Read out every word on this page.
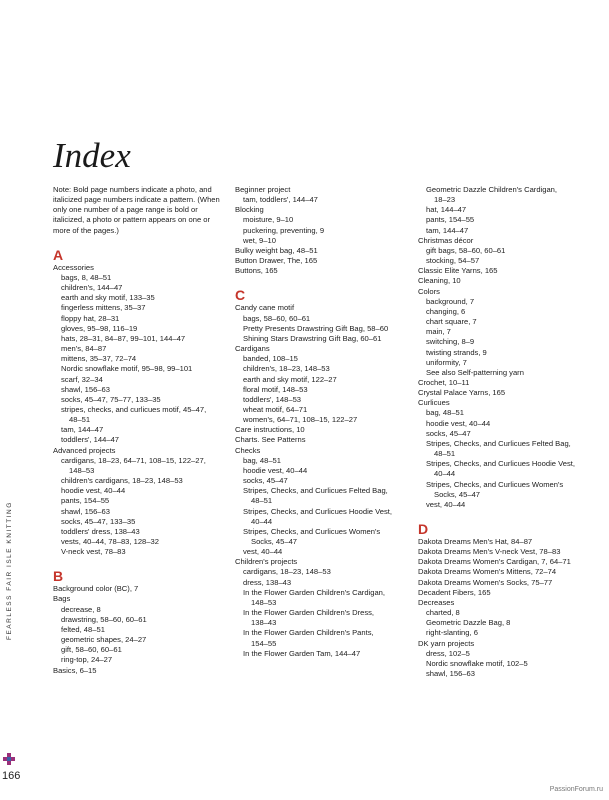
Index
Note: Bold page numbers indicate a photo, and italicized page numbers indicate a pattern. (When only one number of a page range is bold or italicized, a photo or pattern appears on one or more of the pages.)
A
Accessories
bags, 8, 48–51
children's, 144–47
earth and sky motif, 133–35
fingerless mittens, 35–37
floppy hat, 28–31
gloves, 95–98, 116–19
hats, 28–31, 84–87, 99–101, 144–47
men's, 84–87
mittens, 35–37, 72–74
Nordic snowflake motif, 95–98, 99–101
scarf, 32–34
shawl, 156–63
socks, 45–47, 75–77, 133–35
stripes, checks, and curlicues motif, 45–47,
48–51
tam, 144–47
toddlers', 144–47
Advanced projects
cardigans, 18–23, 64–71, 108–15, 122–27,
148–53
children's cardigans, 18–23, 148–53
hoodie vest, 40–44
pants, 154–55
shawl, 156–63
socks, 45–47, 133–35
toddlers' dress, 138–43
vests, 40–44, 78–83, 128–32
V-neck vest, 78–83
B
Background color (BC), 7
Bags
decrease, 8
drawstring, 58–60, 60–61
felted, 48–51
geometric shapes, 24–27
gift, 58–60, 60–61
ring-top, 24–27
Basics, 6–15
Beginner project
tam, toddlers', 144–47
Blocking
moisture, 9–10
puckering, preventing, 9
wet, 9–10
Bulky weight bag, 48–51
Button Drawer, The, 165
Buttons, 165
C
Candy cane motif
bags, 58–60, 60–61
Pretty Presents Drawstring Gift Bag, 58–60
Shining Stars Drawstring Gift Bag, 60–61
Cardigans
banded, 108–15
children's, 18–23, 148–53
earth and sky motif, 122–27
floral motif, 148–53
toddlers', 148–53
wheat motif, 64–71
women's, 64–71, 108–15, 122–27
Care instructions, 10
Charts. See Patterns
Checks
bag, 48–51
hoodie vest, 40–44
socks, 45–47
Stripes, Checks, and Curlicues Felted Bag,
48–51
Stripes, Checks, and Curlicues Hoodie Vest,
40–44
Stripes, Checks, and Curlicues Women's
Socks, 45–47
vest, 40–44
Children's projects
cardigans, 18–23, 148–53
dress, 138–43
In the Flower Garden Children's Cardigan,
148–53
In the Flower Garden Children's Dress,
138–43
In the Flower Garden Children's Pants,
154–55
In the Flower Garden Tam, 144–47
Geometric Dazzle Children's Cardigan,
18–23
hat, 144–47
pants, 154–55
tam, 144–47
Christmas décor
gift bags, 58–60, 60–61
stocking, 54–57
Classic Elite Yarns, 165
Cleaning, 10
Colors
background, 7
changing, 6
chart square, 7
main, 7
switching, 8–9
twisting strands, 9
uniformity, 7
See also Self-patterning yarn
Crochet, 10–11
Crystal Palace Yarns, 165
Curlicues
bag, 48–51
hoodie vest, 40–44
socks, 45–47
Stripes, Checks, and Curlicues Felted Bag,
48–51
Stripes, Checks, and Curlicues Hoodie Vest,
40–44
Stripes, Checks, and Curlicues Women's
Socks, 45–47
vest, 40–44
D
Dakota Dreams Men's Hat, 84–87
Dakota Dreams Men's V-neck Vest, 78–83
Dakota Dreams Women's Cardigan, 7, 64–71
Dakota Dreams Women's Mittens, 72–74
Dakota Dreams Women's Socks, 75–77
Decadent Fibers, 165
Decreases
charted, 8
Geometric Dazzle Bag, 8
right-slanting, 6
DK yarn projects
dress, 102–5
Nordic snowflake motif, 102–5
shawl, 156–63
FEARLESS FAIR ISLE KNITTING
166
PassionForum.ru
